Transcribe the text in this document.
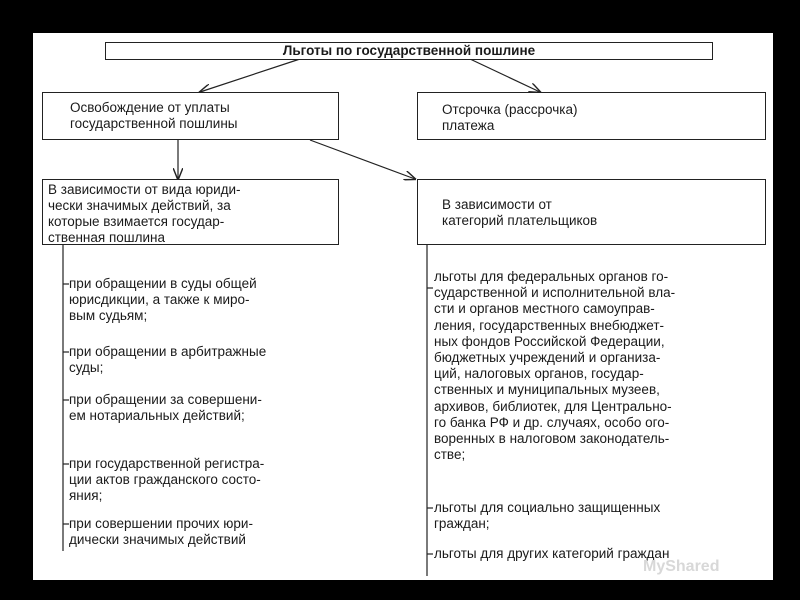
Льготы по государственной пошлине
Освобождение от уплаты
государственной пошлины
Отсрочка (рассрочка)
платежа
В зависимости от вида юриди-
чески значимых действий, за
которые взимается государ-
ственная пошлина
В зависимости от
категорий плательщиков
при обращении в суды общей
юрисдикции, а также к миро-
вым судьям;
при обращении в арбитражные
суды;
при обращении за совершени-
ем нотариальных действий;
при государственной регистра-
ции актов гражданского состо-
яния;
при совершении прочих юри-
дически значимых действий
льготы для федеральных органов го-
сударственной и исполнительной вла-
сти и органов местного самоуправ-
ления, государственных внебюджет-
ных фондов Российской Федерации,
бюджетных учреждений и организа-
ций, налоговых органов, государ-
ственных и муниципальных музеев,
архивов, библиотек, для Центрально-
го банка РФ и др. случаях, особо ого-
воренных в налоговом законодатель-
стве;
льготы для социально защищенных
граждан;
льготы для других категорий граждан
MyShared
